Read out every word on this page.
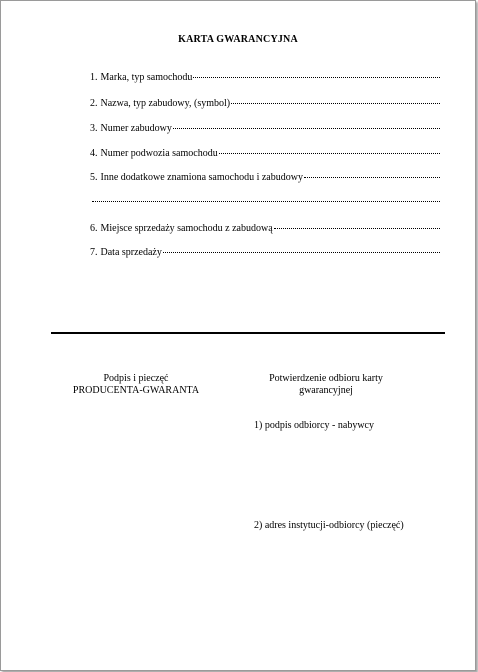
KARTA GWARANCYJNA
1. Marka, typ samochodu
2. Nazwa, typ zabudowy, (symbol)
3. Numer zabudowy
4. Numer podwozia samochodu
5. Inne dodatkowe znamiona samochodu i zabudowy
6. Miejsce sprzedaży samochodu z zabudową
7. Data sprzedaży
Podpis i pieczęć
PRODUCENTA-GWARANTA
Potwierdzenie odbioru karty
gwarancyjnej
1) podpis odbiorcy - nabywcy
2) adres instytucji-odbiorcy (pieczęć)
